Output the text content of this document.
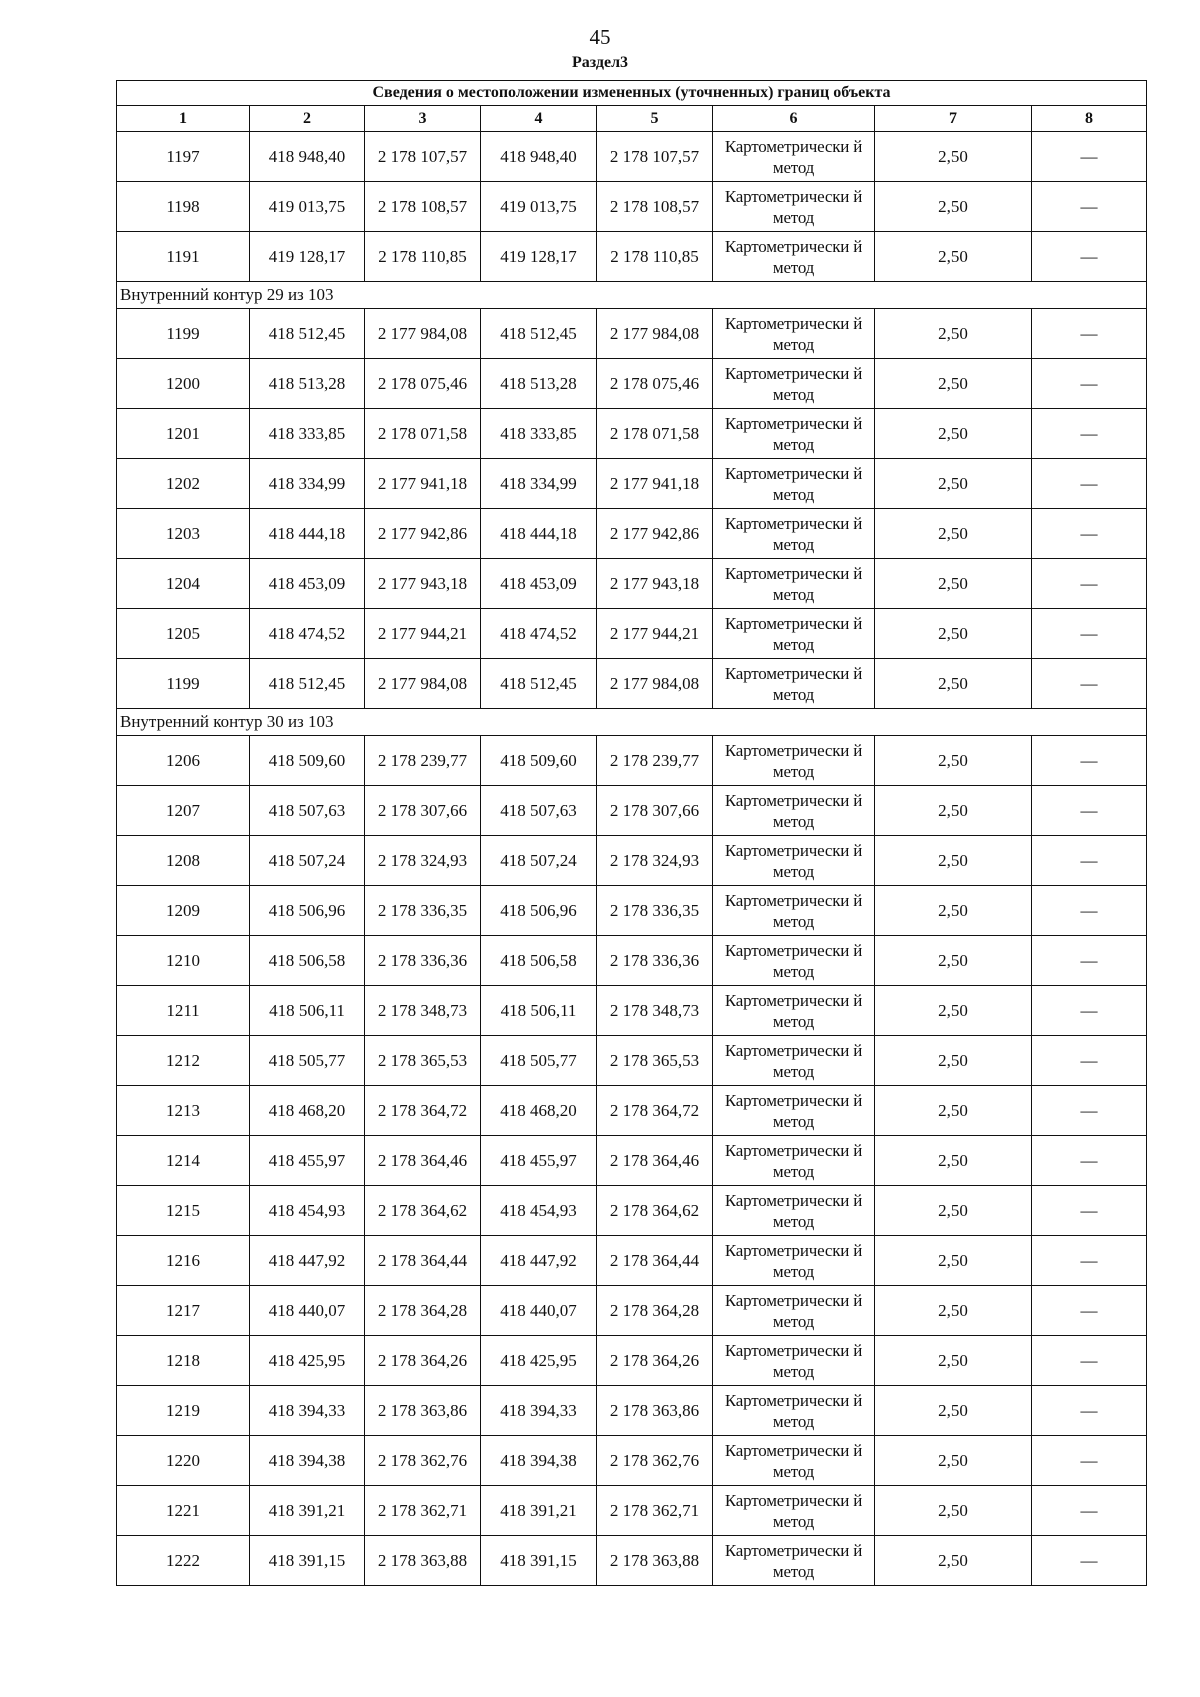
45
Раздел3
Сведения о местоположении измененных (уточненных) границ объекта							
1	2	3	4	5	6	7	8
1197	418 948,40	2 178 107,57	418 948,40	2 178 107,57	Картометрически й метод	2,50	—
1198	419 013,75	2 178 108,57	419 013,75	2 178 108,57	Картометрически й метод	2,50	—
1191	419 128,17	2 178 110,85	419 128,17	2 178 110,85	Картометрически й метод	2,50	—
Внутренний контур 29 из 103							
1199	418 512,45	2 177 984,08	418 512,45	2 177 984,08	Картометрически й метод	2,50	—
1200	418 513,28	2 178 075,46	418 513,28	2 178 075,46	Картометрически й метод	2,50	—
1201	418 333,85	2 178 071,58	418 333,85	2 178 071,58	Картометрически й метод	2,50	—
1202	418 334,99	2 177 941,18	418 334,99	2 177 941,18	Картометрически й метод	2,50	—
1203	418 444,18	2 177 942,86	418 444,18	2 177 942,86	Картометрически й метод	2,50	—
1204	418 453,09	2 177 943,18	418 453,09	2 177 943,18	Картометрически й метод	2,50	—
1205	418 474,52	2 177 944,21	418 474,52	2 177 944,21	Картометрически й метод	2,50	—
1199	418 512,45	2 177 984,08	418 512,45	2 177 984,08	Картометрически й метод	2,50	—
Внутренний контур 30 из 103							
1206	418 509,60	2 178 239,77	418 509,60	2 178 239,77	Картометрически й метод	2,50	—
1207	418 507,63	2 178 307,66	418 507,63	2 178 307,66	Картометрически й метод	2,50	—
1208	418 507,24	2 178 324,93	418 507,24	2 178 324,93	Картометрически й метод	2,50	—
1209	418 506,96	2 178 336,35	418 506,96	2 178 336,35	Картометрически й метод	2,50	—
1210	418 506,58	2 178 336,36	418 506,58	2 178 336,36	Картометрически й метод	2,50	—
1211	418 506,11	2 178 348,73	418 506,11	2 178 348,73	Картометрически й метод	2,50	—
1212	418 505,77	2 178 365,53	418 505,77	2 178 365,53	Картометрически й метод	2,50	—
1213	418 468,20	2 178 364,72	418 468,20	2 178 364,72	Картометрически й метод	2,50	—
1214	418 455,97	2 178 364,46	418 455,97	2 178 364,46	Картометрически й метод	2,50	—
1215	418 454,93	2 178 364,62	418 454,93	2 178 364,62	Картометрически й метод	2,50	—
1216	418 447,92	2 178 364,44	418 447,92	2 178 364,44	Картометрически й метод	2,50	—
1217	418 440,07	2 178 364,28	418 440,07	2 178 364,28	Картометрически й метод	2,50	—
1218	418 425,95	2 178 364,26	418 425,95	2 178 364,26	Картометрически й метод	2,50	—
1219	418 394,33	2 178 363,86	418 394,33	2 178 363,86	Картометрически й метод	2,50	—
1220	418 394,38	2 178 362,76	418 394,38	2 178 362,76	Картометрически й метод	2,50	—
1221	418 391,21	2 178 362,71	418 391,21	2 178 362,71	Картометрически й метод	2,50	—
1222	418 391,15	2 178 363,88	418 391,15	2 178 363,88	Картометрически й метод	2,50	—
